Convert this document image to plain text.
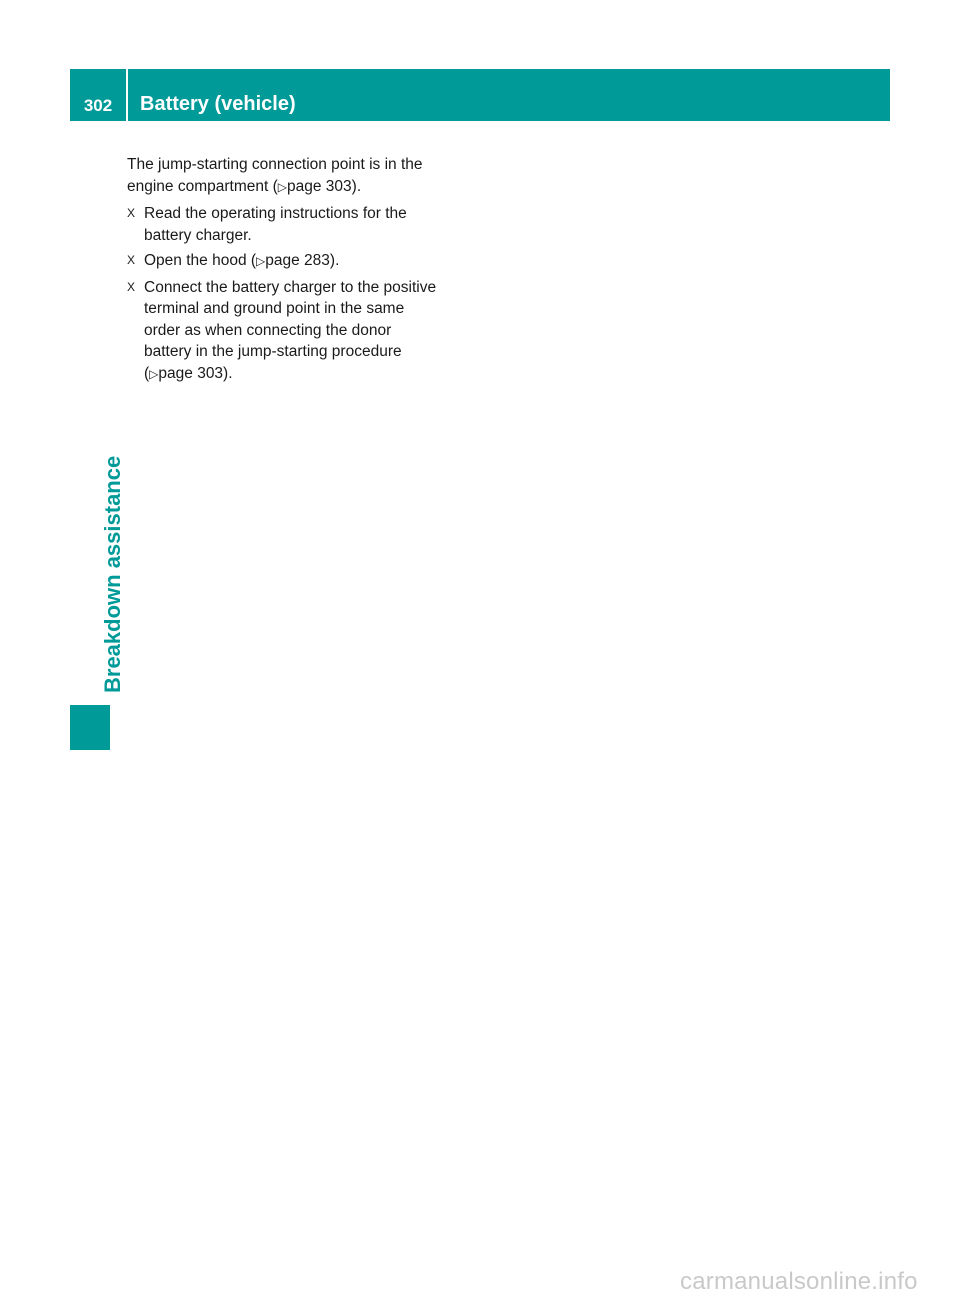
302	Battery (vehicle)
Breakdown assistance

The jump-starting connection point is in the
engine compartment (▷page 303).

X Read the operating instructions for the
battery charger.
X Open the hood (▷page 283).
X Connect the battery charger to the positive
terminal and ground point in the same
order as when connecting the donor
battery in the jump-starting procedure
(▷page 303).
carmanualsonline.info
